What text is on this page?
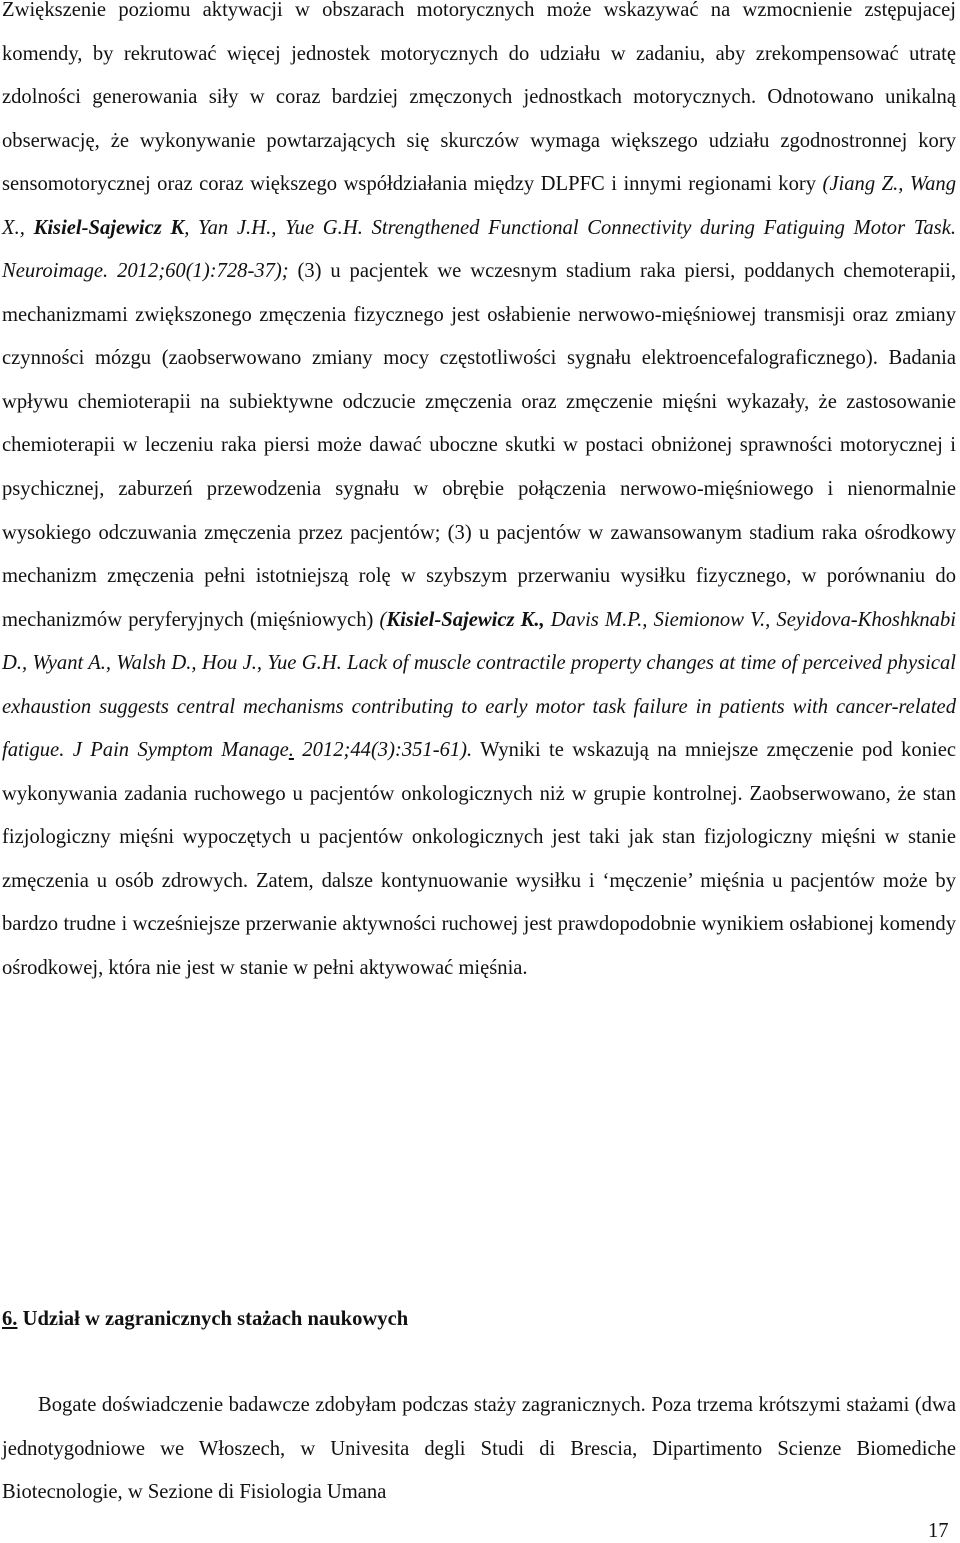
Zwiększenie poziomu aktywacji w obszarach motorycznych może wskazywać na wzmocnienie zstępujacej komendy, by rekrutować więcej jednostek motorycznych do udziału w zadaniu, aby zrekompensować utratę zdolności generowania siły w coraz bardziej zmęczonych jednostkach motorycznych. Odnotowano unikalną obserwację, że wykonywanie powtarzających się skurczów wymaga większego udziału zgodnostronnej kory sensomotorycznej oraz coraz większego współdziałania między DLPFC i innymi regionami kory (Jiang Z., Wang X., Kisiel-Sajewicz K, Yan J.H., Yue G.H. Strengthened Functional Connectivity during Fatiguing Motor Task. Neuroimage. 2012;60(1):728-37); (3) u pacjentek we wczesnym stadium raka piersi, poddanych chemoterapii, mechanizmami zwiększonego zmęczenia fizycznego jest osłabienie nerwowo-mięśniowej transmisji oraz zmiany czynności mózgu (zaobserwowano zmiany mocy częstotliwości sygnału elektroencefalograficznego). Badania wpływu chemioterapii na subiektywne odczucie zmęczenia oraz zmęczenie mięśni wykazały, że zastosowanie chemioterapii w leczeniu raka piersi może dawać uboczne skutki w postaci obniżonej sprawności motorycznej i psychicznej, zaburzeń przewodzenia sygnału w obrębie połączenia nerwowo-mięśniowego i nienormalnie wysokiego odczuwania zmęczenia przez pacjentów; (3) u pacjentów w zawansowanym stadium raka ośrodkowy mechanizm zmęczenia pełni istotniejszą rolę w szybszym przerwaniu wysiłku fizycznego, w porównaniu do mechanizmów peryferyjnych (mięśniowych) (Kisiel-Sajewicz K., Davis M.P., Siemionow V., Seyidova-Khoshknabi D., Wyant A., Walsh D., Hou J., Yue G.H. Lack of muscle contractile property changes at time of perceived physical exhaustion suggests central mechanisms contributing to early motor task failure in patients with cancer-related fatigue. J Pain Symptom Manage. 2012;44(3):351-61). Wyniki te wskazują na mniejsze zmęczenie pod koniec wykonywania zadania ruchowego u pacjentów onkologicznych niż w grupie kontrolnej. Zaobserwowano, że stan fizjologiczny mięśni wypoczętych u pacjentów onkologicznych jest taki jak stan fizjologiczny mięśni w stanie zmęczenia u osób zdrowych. Zatem, dalsze kontynuowanie wysiłku i ‘męczenie’ mięśnia u pacjentów może by bardzo trudne i wcześniejsze przerwanie aktywności ruchowej jest prawdopodobnie wynikiem osłabionej komendy ośrodkowej, która nie jest w stanie w pełni aktywować mięśnia.

6. Udział w zagranicznych stażach naukowych

Bogate doświadczenie badawcze zdobyłam podczas staży zagranicznych. Poza trzema krótszymi stażami (dwa jednotygodniowe we Włoszech, w Univesita degli Studi di Brescia, Dipartimento Scienze Biomediche Biotecnologie, w Sezione di Fisiologia Umana

17
